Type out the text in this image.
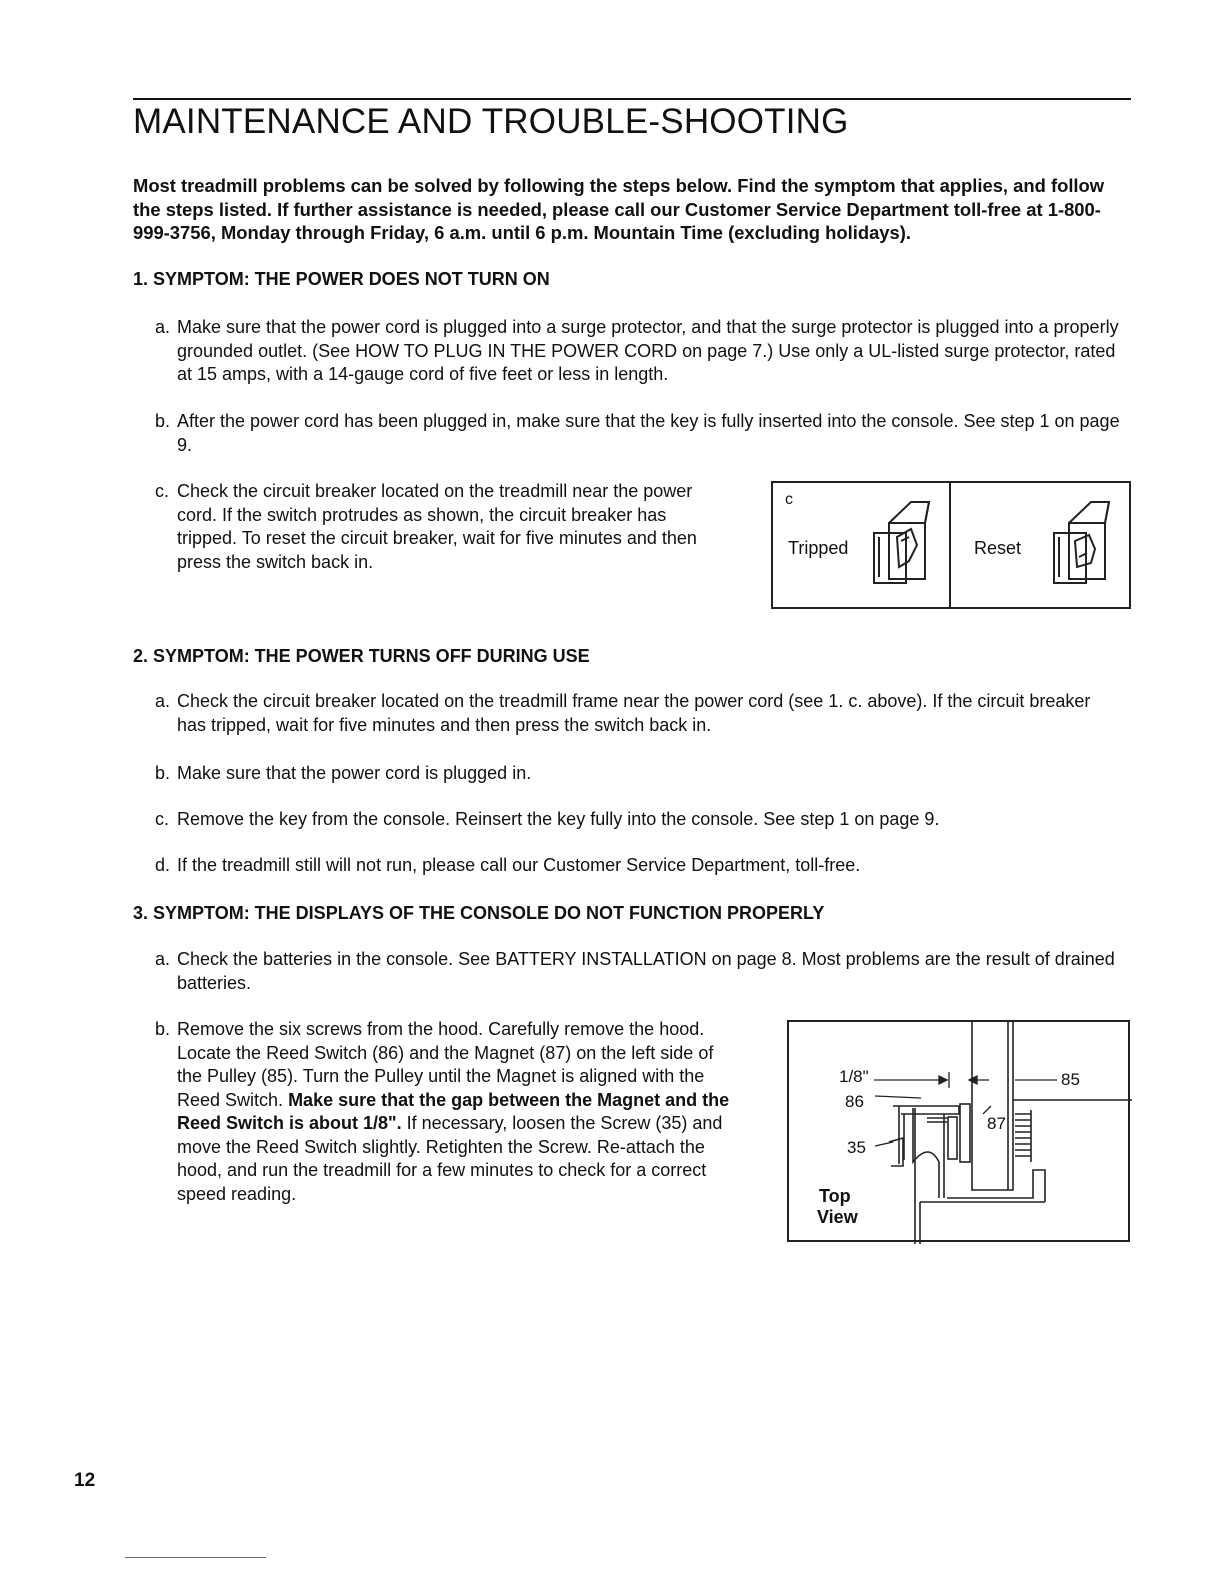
MAINTENANCE AND TROUBLE-SHOOTING

Most treadmill problems can be solved by following the steps below. Find the symptom that applies, and follow the steps listed. If further assistance is needed, please call our Customer Service Department toll-free at 1-800-999-3756, Monday through Friday, 6 a.m. until 6 p.m. Mountain Time (excluding holidays).

1. SYMPTOM: THE POWER DOES NOT TURN ON

a. Make sure that the power cord is plugged into a surge protector, and that the surge protector is plugged into a properly grounded outlet. (See HOW TO PLUG IN THE POWER CORD on page 7.) Use only a UL-listed surge protector, rated at 15 amps, with a 14-gauge cord of five feet or less in length.
b. After the power cord has been plugged in, make sure that the key is fully inserted into the console. See step 1 on page 9.
c. Check the circuit breaker located on the treadmill near the power cord. If the switch protrudes as shown, the circuit breaker has tripped. To reset the circuit breaker, wait for five minutes and then press the switch back in.
c
Tripped	Reset

2. SYMPTOM: THE POWER TURNS OFF DURING USE

a. Check the circuit breaker located on the treadmill frame near the power cord (see 1. c. above). If the circuit breaker has tripped, wait for five minutes and then press the switch back in.
b. Make sure that the power cord is plugged in.
c. Remove the key from the console. Reinsert the key fully into the console. See step 1 on page 9.
d. If the treadmill still will not run, please call our Customer Service Department, toll-free.

3. SYMPTOM: THE DISPLAYS OF THE CONSOLE DO NOT FUNCTION PROPERLY

a. Check the batteries in the console. See BATTERY INSTALLATION on page 8. Most problems are the result of drained batteries.
b. Remove the six screws from the hood. Carefully remove the hood. Locate the Reed Switch (86) and the Magnet (87) on the left side of the Pulley (85). Turn the Pulley until the Magnet is aligned with the Reed Switch. Make sure that the gap between the Magnet and the Reed Switch is about 1/8". If necessary, loosen the Screw (35) and move the Reed Switch slightly. Retighten the Screw. Re-attach the hood, and run the treadmill for a few minutes to check for a correct speed reading.
1/8"	85
86
87
35
Top
View
12
